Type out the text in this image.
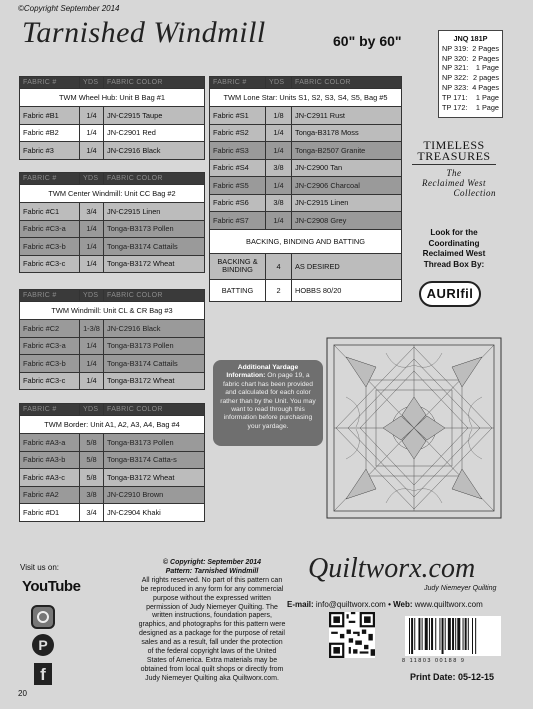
©Copyright September 2014
Tarnished Windmill	60" by 60"	JNQ 181P
NP 319: 2 Pages
NP 320: 2 Pages
NP 321: 1 Page
NP 322: 2 pages
NP 323: 4 Pages
TP 171: 1 Page
TP 172: 1 Page
FABRIC #	YDS	FABRIC COLOR
TWM Wheel Hub: Unit B Bag #1		
Fabric #B1	1/4	JN-C2915 Taupe
Fabric #B2	1/4	JN-C2901 Red
Fabric #3	1/4	JN-C2916 Black
FABRIC #	YDS	FABRIC COLOR
TWM Center Windmill: Unit CC Bag #2		
Fabric #C1	3/4	JN-C2915 Linen
Fabric #C3-a	1/4	Tonga-B3173 Pollen
Fabric #C3-b	1/4	Tonga-B3174 Cattails
Fabric #C3-c	1/4	Tonga-B3172 Wheat
FABRIC #	YDS	FABRIC COLOR
TWM Windmill: Unit CL & CR Bag #3		
Fabric #C2	1-3/8	JN-C2916 Black
Fabric #C3-a	1/4	Tonga-B3173 Pollen
Fabric #C3-b	1/4	Tonga-B3174 Cattails
Fabric #C3-c	1/4	Tonga-B3172 Wheat
FABRIC #	YDS	FABRIC COLOR
TWM Border: Unit A1, A2, A3, A4, Bag #4		
Fabric #A3-a	5/8	Tonga-B3173 Pollen
Fabric #A3-b	5/8	Tonga-B3174 Catta-s
Fabric #A3-c	5/8	Tonga-B3172 Wheat
Fabric #A2	3/8	JN-C2910 Brown
Fabric #D1	3/4	JN-C2904 Khaki
FABRIC #	YDS	FABRIC COLOR
TWM Lone Star: Units S1, S2, S3, S4, S5, Bag #5		
Fabric #S1	1/8	JN-C2911 Rust
Fabric #S2	1/4	Tonga-B3178 Moss
Fabric #S3	1/4	Tonga-B2507 Granite
Fabric #S4	3/8	JN-C2900 Tan
Fabric #S5	1/4	JN-C2906 Charcoal
Fabric #S6	3/8	JN-C2915 Linen
Fabric #S7	1/4	JN-C2908 Grey
BACKING, BINDING AND BATTING		
BACKING & BINDING	4	AS DESIRED
BATTING	2	HOBBS 80/20
TIMELESS
TREASURES
The
Reclaimed West
Collection
Look for the Coordinating Reclaimed West Thread Box By:
AURIfil
Additional Yardage Information: On page 19, a fabric chart has been provided and calculated for each color rather than by the Unit. You may want to read through this information before purchasing your yardage.
Visit us on:
YouTube
P
f
© Copyright: September 2014
Pattern: Tarnished Windmill
All rights reserved. No part of this pattern can be reproduced in any form for any commercial purpose without the expressed written permission of Judy Niemeyer Quilting. The written instructions, foundation papers, graphics, and photographs for this pattern were designed as a package for the purpose of retail sales and as a result, fall under the protection of the federal copyright laws of the United States of America. Extra materials may be obtained from local quilt shops or directly from Judy Niemeyer Quilting aka Quiltworx.com.
Quiltworx.com
Judy Niemeyer Quilting
E-mail: info@quiltworx.com • Web: www.quiltworx.com
8 11803 00188 9
Print Date: 05-12-15
20
